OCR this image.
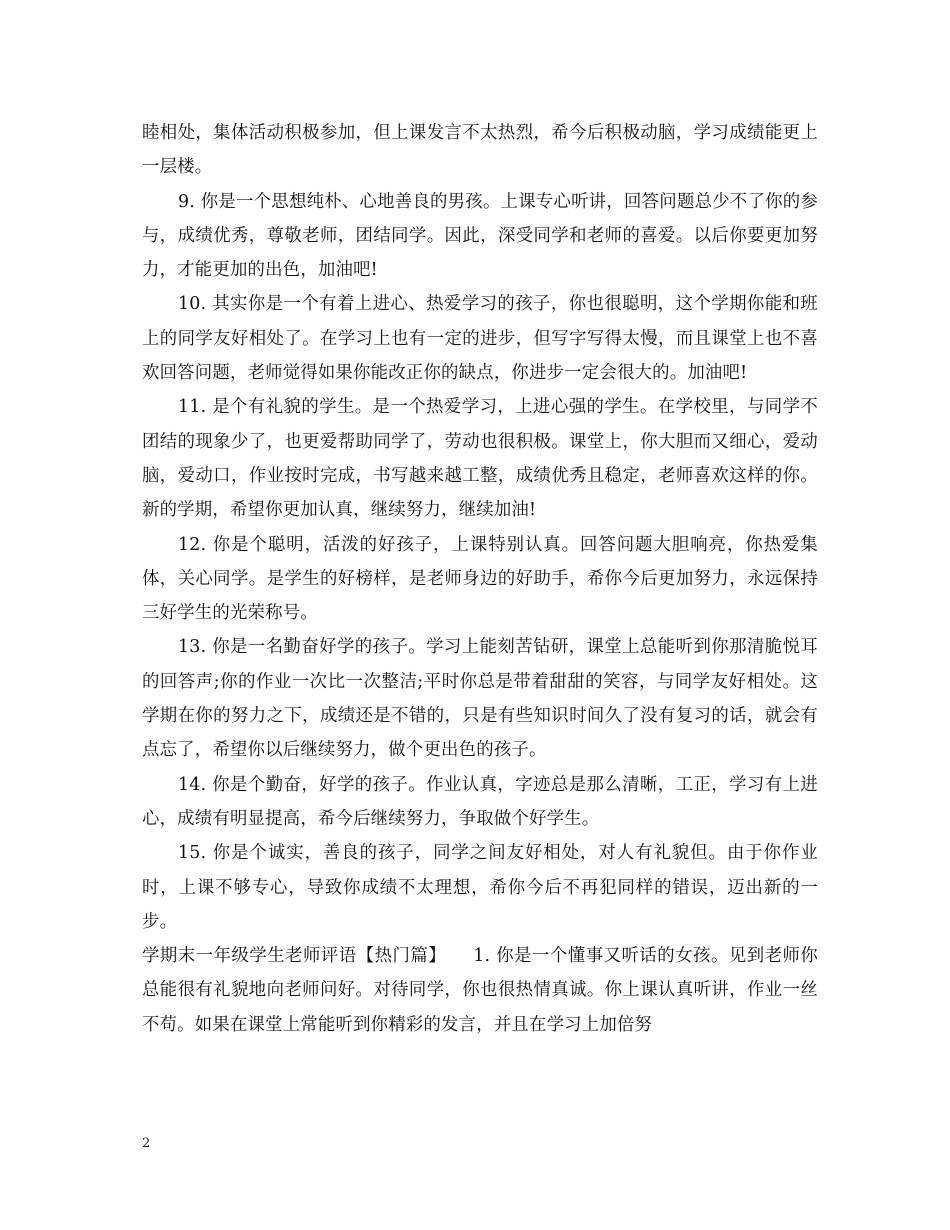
睦相处，集体活动积极参加，但上课发言不太热烈，希今后积极动脑，学习成绩能更上一层楼。

9. 你是一个思想纯朴、心地善良的男孩。上课专心听讲，回答问题总少不了你的参与，成绩优秀，尊敬老师，团结同学。因此，深受同学和老师的喜爱。以后你要更加努力，才能更加的出色，加油吧!

10. 其实你是一个有着上进心、热爱学习的孩子，你也很聪明，这个学期你能和班上的同学友好相处了。在学习上也有一定的进步，但写字写得太慢，而且课堂上也不喜欢回答问题，老师觉得如果你能改正你的缺点，你进步一定会很大的。加油吧!

11. 是个有礼貌的学生。是一个热爱学习，上进心强的学生。在学校里，与同学不团结的现象少了，也更爱帮助同学了，劳动也很积极。课堂上，你大胆而又细心，爱动脑，爱动口，作业按时完成，书写越来越工整，成绩优秀且稳定，老师喜欢这样的你。新的学期，希望你更加认真，继续努力，继续加油!

12. 你是个聪明，活泼的好孩子，上课特别认真。回答问题大胆响亮，你热爱集体，关心同学。是学生的好榜样，是老师身边的好助手，希你今后更加努力，永远保持三好学生的光荣称号。

13. 你是一名勤奋好学的孩子。学习上能刻苦钻研，课堂上总能听到你那清脆悦耳的回答声;你的作业一次比一次整洁;平时你总是带着甜甜的笑容，与同学友好相处。这学期在你的努力之下，成绩还是不错的，只是有些知识时间久了没有复习的话，就会有点忘了，希望你以后继续努力，做个更出色的孩子。

14. 你是个勤奋，好学的孩子。作业认真，字迹总是那么清晰，工正，学习有上进心，成绩有明显提高，希今后继续努力，争取做个好学生。

15. 你是个诚实，善良的孩子，同学之间友好相处，对人有礼貌但。由于你作业时，上课不够专心，导致你成绩不太理想，希你今后不再犯同样的错误，迈出新的一步。

学期末一年级学生老师评语【热门篇】　　1. 你是一个懂事又听话的女孩。见到老师你总能很有礼貌地向老师问好。对待同学，你也很热情真诚。你上课认真听讲，作业一丝不苟。如果在课堂上常能听到你精彩的发言，并且在学习上加倍努

2
